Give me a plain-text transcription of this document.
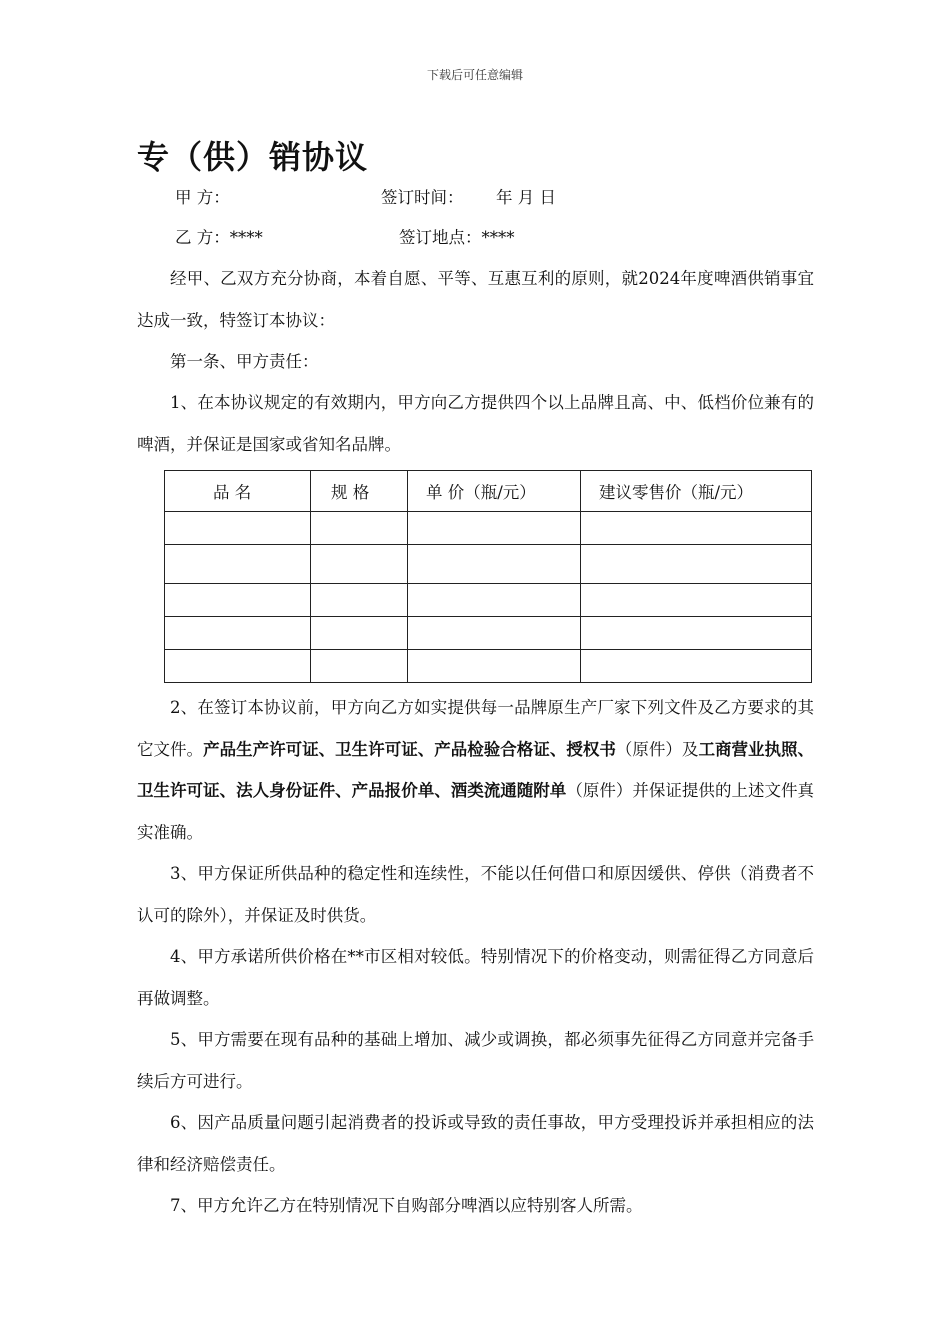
下载后可任意编辑
专（供）销协议
甲 方：	签订时间： 年 月 日
乙 方：****	签订地点：****

经甲、乙双方充分协商，本着自愿、平等、互惠互利的原则，就2024年度啤酒供销事宜达成一致，特签订本协议：

第一条、甲方责任：

1、在本协议规定的有效期内，甲方向乙方提供四个以上品牌且高、中、低档价位兼有的啤酒，并保证是国家或省知名品牌。

品 名	规 格	单 价（瓶/元）	建议零售价（瓶/元）

2、在签订本协议前，甲方向乙方如实提供每一品牌原生产厂家下列文件及乙方要求的其它文件。产品生产许可证、卫生许可证、产品检验合格证、授权书（原件）及工商营业执照、卫生许可证、法人身份证件、产品报价单、酒类流通随附单（原件）并保证提供的上述文件真实准确。

3、甲方保证所供品种的稳定性和连续性，不能以任何借口和原因缓供、停供（消费者不认可的除外），并保证及时供货。

4、甲方承诺所供价格在**市区相对较低。特别情况下的价格变动，则需征得乙方同意后再做调整。

5、甲方需要在现有品种的基础上增加、减少或调换，都必须事先征得乙方同意并完备手续后方可进行。

6、因产品质量问题引起消费者的投诉或导致的责任事故，甲方受理投诉并承担相应的法律和经济赔偿责任。

7、甲方允许乙方在特别情况下自购部分啤酒以应特别客人所需。
